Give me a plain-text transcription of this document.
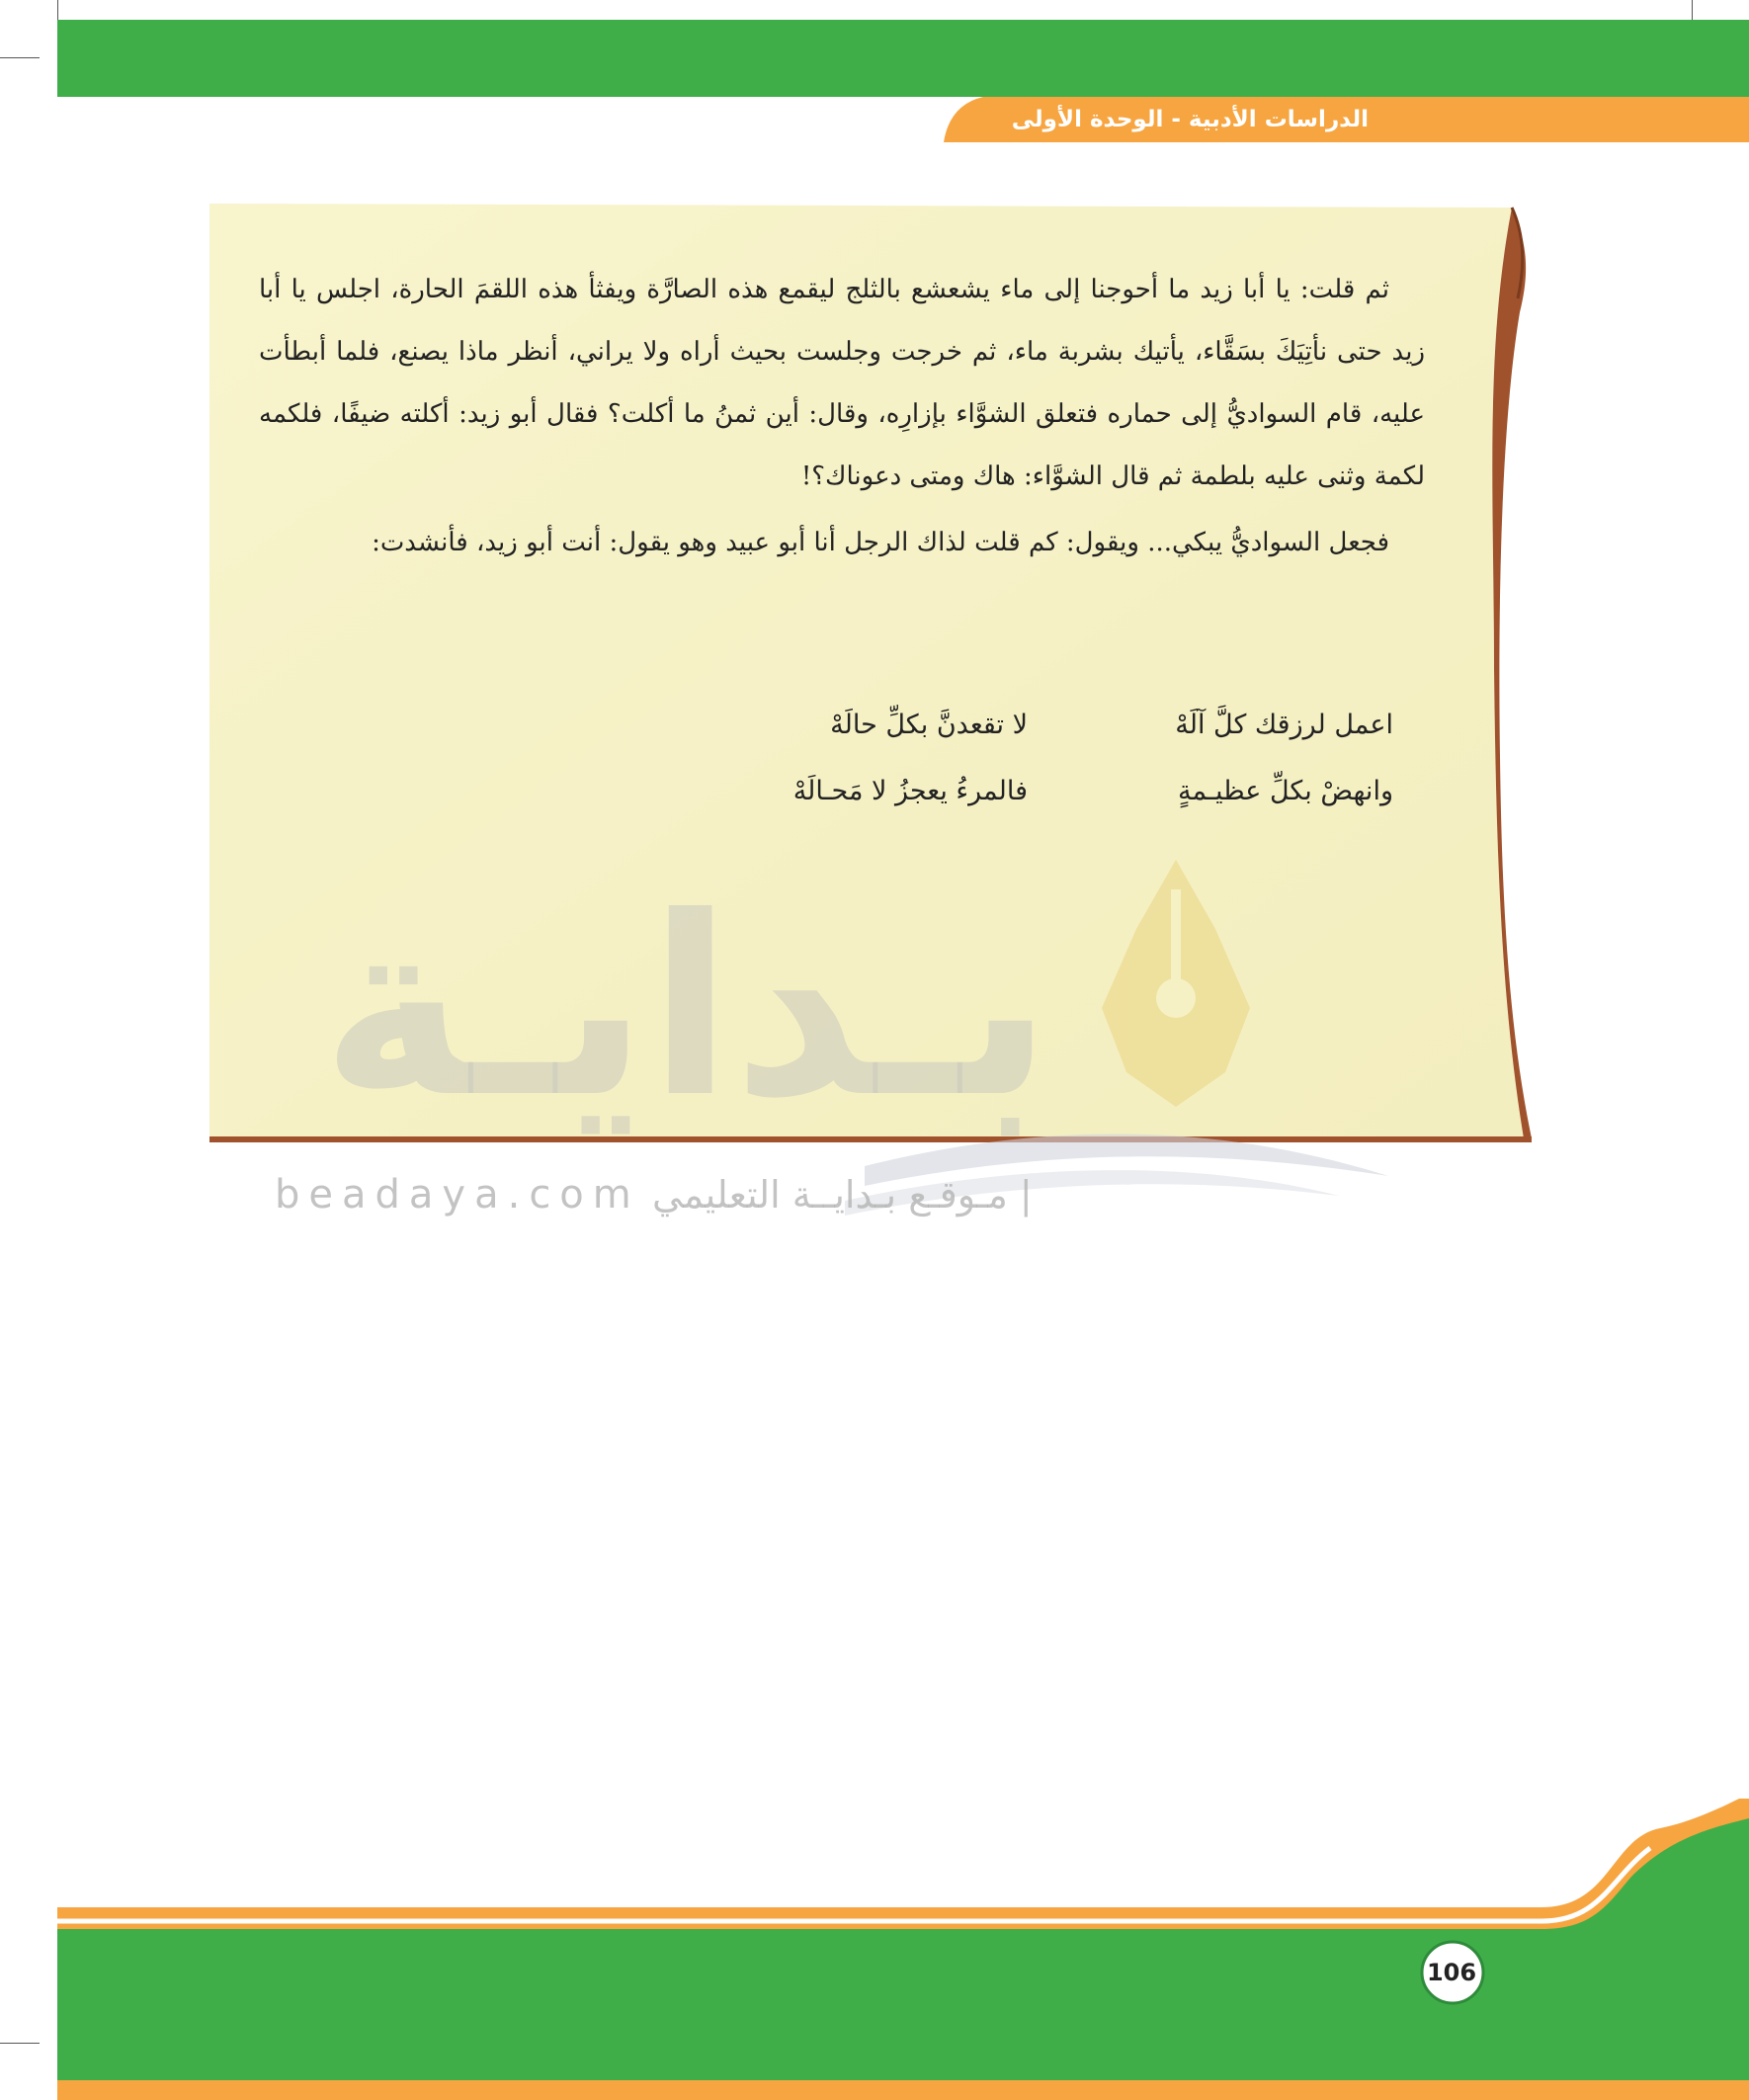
الدراسات الأدبية - الوحدة الأولى

ثم قلت: يا أبا زيد ما أحوجنا إلى ماء يشعشع بالثلج ليقمع هذه الصارَّة ويفثأ هذه اللقمَ الحارة، اجلس يا أبا زيد حتى نأتِيَكَ بسَقَّاء، يأتيك بشربة ماء، ثم خرجت وجلست بحيث أراه ولا يراني، أنظر ماذا يصنع، فلما أبطأت عليه، قام السواديُّ إلى حماره فتعلق الشوَّاء بإزارِه، وقال: أين ثمنُ ما أكلت؟ فقال أبو زيد: أكلته ضيفًا، فلكمه لكمة وثنى عليه بلطمة ثم قال الشوَّاء: هاك ومتى دعوناك؟!

فجعل السواديُّ يبكي... ويقول: كم قلت لذاك الرجل أنا أبو عبيد وهو يقول: أنت أبو زيد، فأنشدت:

اعمل لرزقك كلَّ آلَهْ
وانهضْ بكلِّ عظيـمةٍ
لا تقعدنَّ بكلِّ حالَهْ
فالمرءُ يعجزُ لا مَحـالَهْ
بـدايـة
beadaya.com | مـوقـع بـدايــة التعليمي
106
